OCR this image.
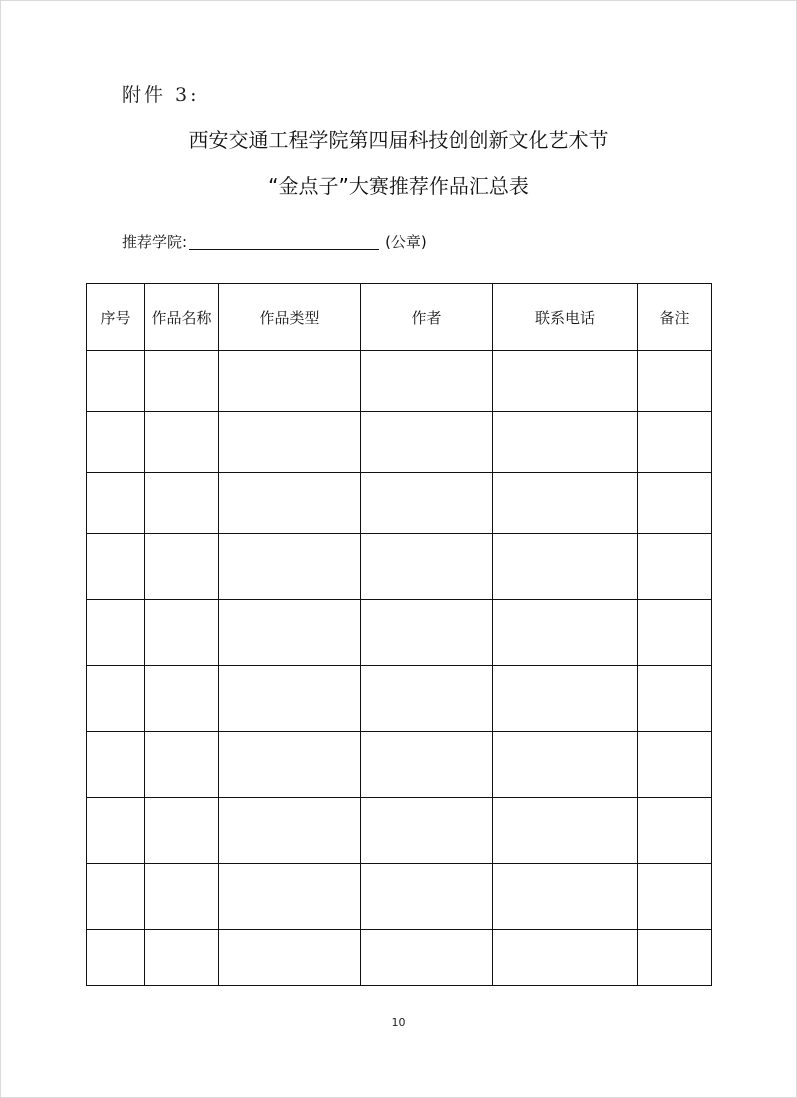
附件 3:
西安交通工程学院第四届科技创创新文化艺术节
“金点子”大赛推荐作品汇总表
推荐学院:	(公章)
序号	作品名称	作品类型	作者	联系电话	备注

10
